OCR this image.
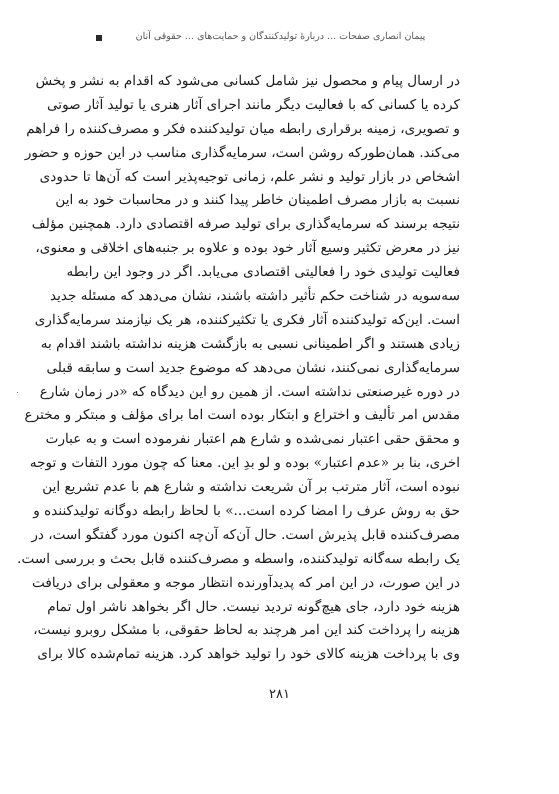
پیمان انصاری صفحات ... دربارهٔ تولیدکنندگان و حمایت‌های ... حقوقی آنان
در ارسال پیام و محصول نیز شامل کسانی می‌شود که اقدام به نشر و پخش
کرده یا کسانی که با فعالیت دیگر مانند اجرای آثار هنری یا تولید آثار صوتی
و تصویری، زمینه برقراری رابطه میان تولیدکننده فکر و مصرف‌کننده را فراهم
می‌کند. همان‌طورکه روشن است، سرمایه‌گذاری مناسب در این حوزه و حضور
اشخاص در بازار تولید و نشر علم، زمانی توجیه‌پذیر است که آن‌ها تا حدودی
نسبت به بازار مصرف اطمینان خاطر پیدا کنند و در محاسبات خود به این
نتیجه برسند که سرمایه‌گذاری برای تولید صرفه اقتصادی دارد. همچنین مؤلف
نیز در معرض تکثیر وسیع آثار خود بوده و علاوه بر جنبه‌های اخلاقی و معنوی،
فعالیت تولیدی خود را فعالیتی اقتصادی می‌یابد. اگر در وجود این رابطه
سه‌سویه در شناخت حکم تأثیر داشته باشند، نشان می‌دهد که مسئله جدید
است. این‌که تولیدکننده آثار فکری یا تکثیرکننده، هر یک نیازمند سرمایه‌گذاری
زیادی هستند و اگر اطمینانی نسبی به بازگشت هزینه نداشته باشند اقدام به
سرمایه‌گذاری نمی‌کنند، نشان می‌دهد که موضوع جدید است و سابقه قبلی
در دوره غیرصنعتی نداشته است. از همین رو این دیدگاه که «در زمان شارع
مقدس امر تألیف و اختراع و ابتکار بوده است اما برای مؤلف و مبتکر و مخترع
و محقق حقی اعتبار نمی‌شده و شارع هم اعتبار نفرموده است و به عبارت
اخری، بنا بر «عدم اعتبار» بوده و لو بدِ این. معنا که چون مورد التفات و توجه
نبوده است، آثار مترتب بر آن شریعت نداشته و شارع هم با عدم تشریع این
حق به روش عرف را امضا کرده است...» با لحاظ رابطه دوگانه تولیدکننده و
مصرف‌کننده قابل پذیرش است. حال آن‌که آن‌چه اکنون مورد گفتگو است، در
یک رابطه سه‌گانه تولیدکننده، واسطه و مصرف‌کننده قابل بحث و بررسی است.
در این صورت، در این امر که پدیدآورنده انتظار موجه و معقولی برای دریافت
هزینه خود دارد، جای هیچ‌گونه تردید نیست. حال اگر بخواهد ناشر اول تمام
هزینه را پرداخت کند این امر هرچند به لحاظ حقوقی، با مشکل روبرو نیست،
وی با پرداخت هزینه کالای خود را تولید خواهد کرد. هزینه تمام‌شده کالا برای
۲۸۱
